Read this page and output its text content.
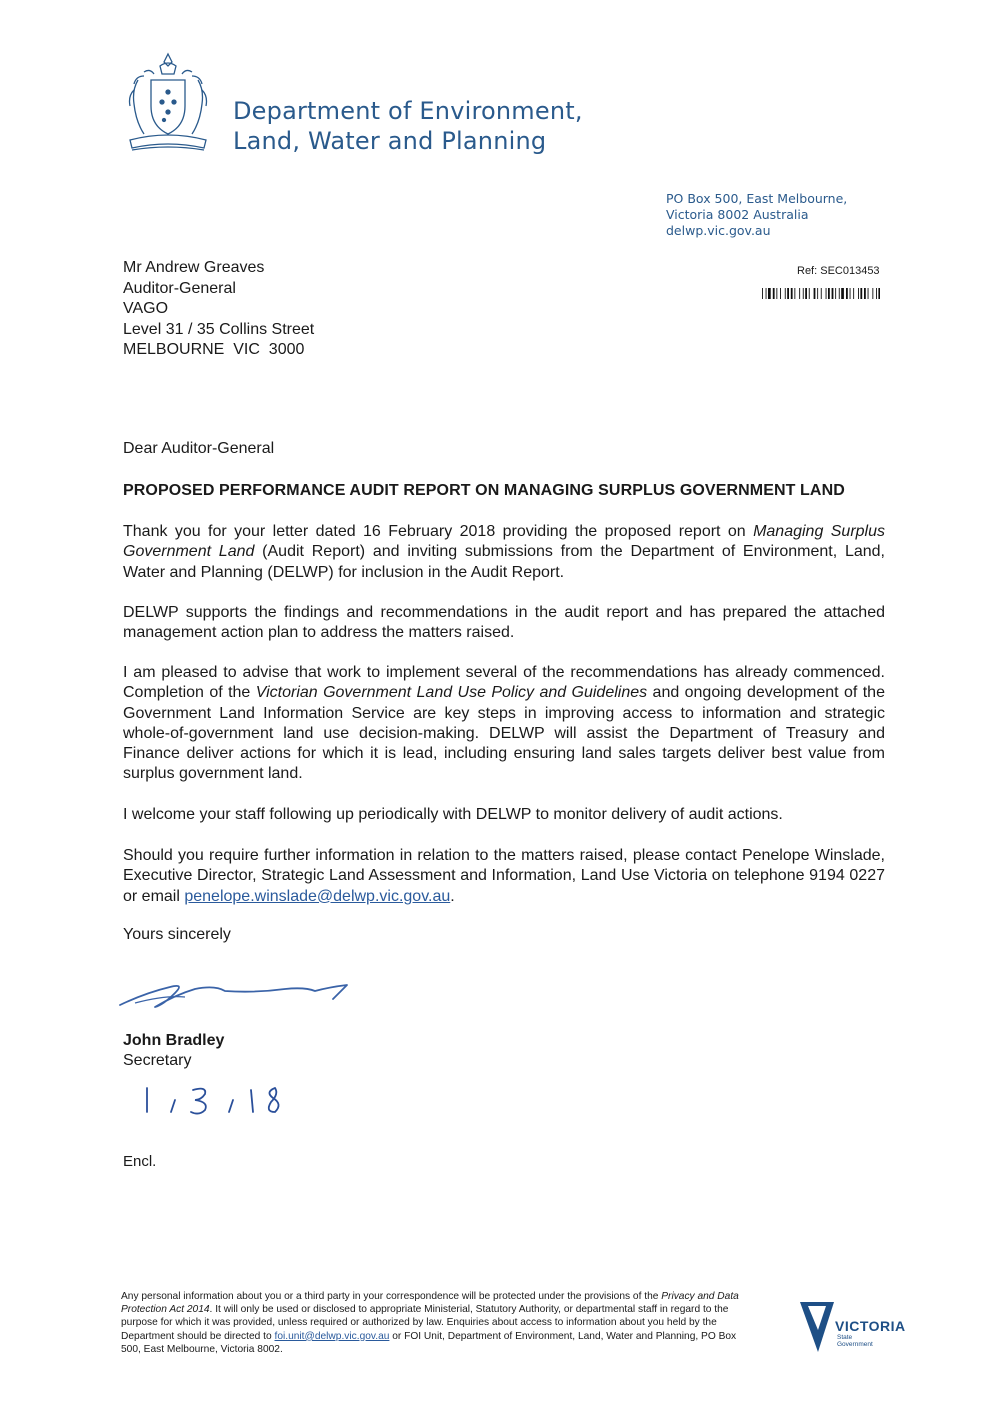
Department of Environment,
Land, Water and Planning
PO Box 500, East Melbourne,
Victoria 8002 Australia
delwp.vic.gov.au
Mr Andrew Greaves
Auditor-General
VAGO
Level 31 / 35 Collins Street
MELBOURNE  VIC  3000
Ref: SEC013453
Dear Auditor-General
PROPOSED PERFORMANCE AUDIT REPORT ON MANAGING SURPLUS GOVERNMENT LAND
Thank you for your letter dated 16 February 2018 providing the proposed report on Managing Surplus Government Land (Audit Report) and inviting submissions from the Department of Environment, Land, Water and Planning (DELWP) for inclusion in the Audit Report.
DELWP supports the findings and recommendations in the audit report and has prepared the attached management action plan to address the matters raised.
I am pleased to advise that work to implement several of the recommendations has already commenced. Completion of the Victorian Government Land Use Policy and Guidelines and ongoing development of the Government Land Information Service are key steps in improving access to information and strategic whole-of-government land use decision-making. DELWP will assist the Department of Treasury and Finance deliver actions for which it is lead, including ensuring land sales targets deliver best value from surplus government land.
I welcome your staff following up periodically with DELWP to monitor delivery of audit actions.
Should you require further information in relation to the matters raised, please contact Penelope Winslade, Executive Director, Strategic Land Assessment and Information, Land Use Victoria on telephone 9194 0227 or email penelope.winslade@delwp.vic.gov.au.
Yours sincerely
John Bradley
Secretary
Encl.
Any personal information about you or a third party in your correspondence will be protected under the provisions of the Privacy and Data Protection Act 2014. It will only be used or disclosed to appropriate Ministerial, Statutory Authority, or departmental staff in regard to the purpose for which it was provided, unless required or authorized by law. Enquiries about access to information about you held by the Department should be directed to foi.unit@delwp.vic.gov.au or FOI Unit, Department of Environment, Land, Water and Planning, PO Box 500, East Melbourne, Victoria 8002.
VICTORIA
State
Government
